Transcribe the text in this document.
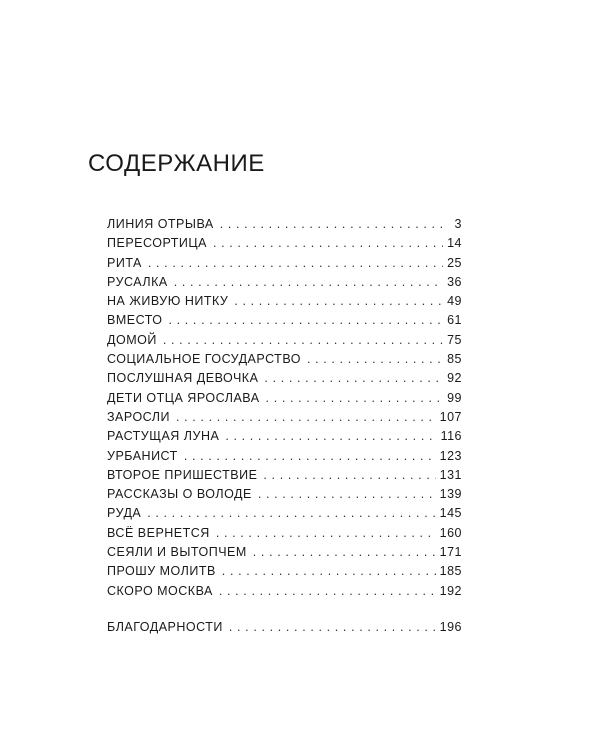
СОДЕРЖАНИЕ
ЛИНИЯ ОТРЫВА . . .	3
ПЕРЕСОРТИЦА . . .	14
РИТА . . .	25
РУСАЛКА . . .	36
НА ЖИВУЮ НИТКУ . . .	49
ВМЕСТО . . .	61
ДОМОЙ . . .	75
СОЦИАЛЬНОЕ ГОСУДАРСТВО . . .	85
ПОСЛУШНАЯ ДЕВОЧКА . . .	92
ДЕТИ ОТЦА ЯРОСЛАВА . . .	99
ЗАРОСЛИ . . .	107
РАСТУЩАЯ ЛУНА . . .	116
УРБАНИСТ . . .	123
ВТОРОЕ ПРИШЕСТВИЕ . . .	131
РАССКАЗЫ О ВОЛОДЕ . . .	139
РУДА . . .	145
ВСЁ ВЕРНЕТСЯ . . .	160
СЕЯЛИ И ВЫТОПЧЕМ . . .	171
ПРОШУ МОЛИТВ . . .	185
СКОРО МОСКВА . . .	192
БЛАГОДАРНОСТИ . . .	196
